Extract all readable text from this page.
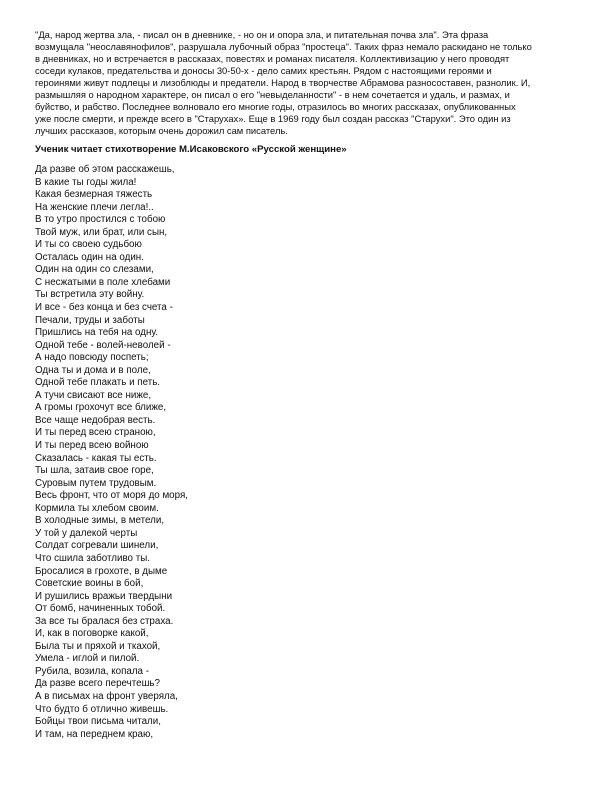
"Да, народ жертва зла, - писал он в дневнике, - но он и опора зла, и питательная почва зла". Эта фраза
возмущала "неославянофилов", разрушала лубочный образ "простеца". Таких фраз немало раскидано не только
в дневниках, но и встречается в рассказах, повестях и романах писателя. Коллективизацию у него проводят
соседи кулаков, предательства и доносы 30-50-х - дело самих крестьян. Рядом с настоящими героями и
героинями живут подлецы и лизоблюды и предатели. Народ в творчестве Абрамова разносоставен, разнолик. И,
размышляя о народном характере, он писал о его "невыделанности" - в нем сочетается и удаль, и размах, и
буйство, и рабство. Последнее волновало его многие годы, отразилось во многих рассказах, опубликованных
уже после смерти, и прежде всего в "Старухах». Еще в 1969 году был создан рассказ "Старухи". Это один из
лучших рассказов, которым очень дорожил сам писатель.
Ученик читает стихотворение М.Исаковского «Русской женщине»
Да разве об этом расскажешь,
В какие ты годы жила!
Какая безмерная тяжесть
На женские плечи легла!..
В то утро простился с тобою
Твой муж, или брат, или сын,
И ты со своею судьбою
Осталась один на один.
Один на один со слезами,
С несжатыми в поле хлебами
Ты встретила эту войну.
И все - без конца и без счета -
Печали, труды и заботы
Пришлись на тебя на одну.
Одной тебе - волей-неволей -
А надо повсюду поспеть;
Одна ты и дома и в поле,
Одной тебе плакать и петь.
А тучи свисают все ниже,
А громы грохочут все ближе,
Все чаще недобрая весть.
И ты перед всею страною,
И ты перед всею войною
Сказалась - какая ты есть.
Ты шла, затаив свое горе,
Суровым путем трудовым.
Весь фронт, что от моря до моря,
Кормила ты хлебом своим.
В холодные зимы, в метели,
У той у далекой черты
Солдат согревали шинели,
Что сшила заботливо ты.
Бросалися в грохоте, в дыме
Советские воины в бой,
И рушились вражьи твердыни
От бомб, начиненных тобой.
За все ты бралася без страха.
И, как в поговорке какой,
Была ты и пряхой и ткахой,
Умела - иглой и пилой.
Рубила, возила, копала -
Да разве всего перечтешь?
А в письмах на фронт уверяла,
Что будто б отлично живешь.
Бойцы твои письма читали,
И там, на переднем краю,
